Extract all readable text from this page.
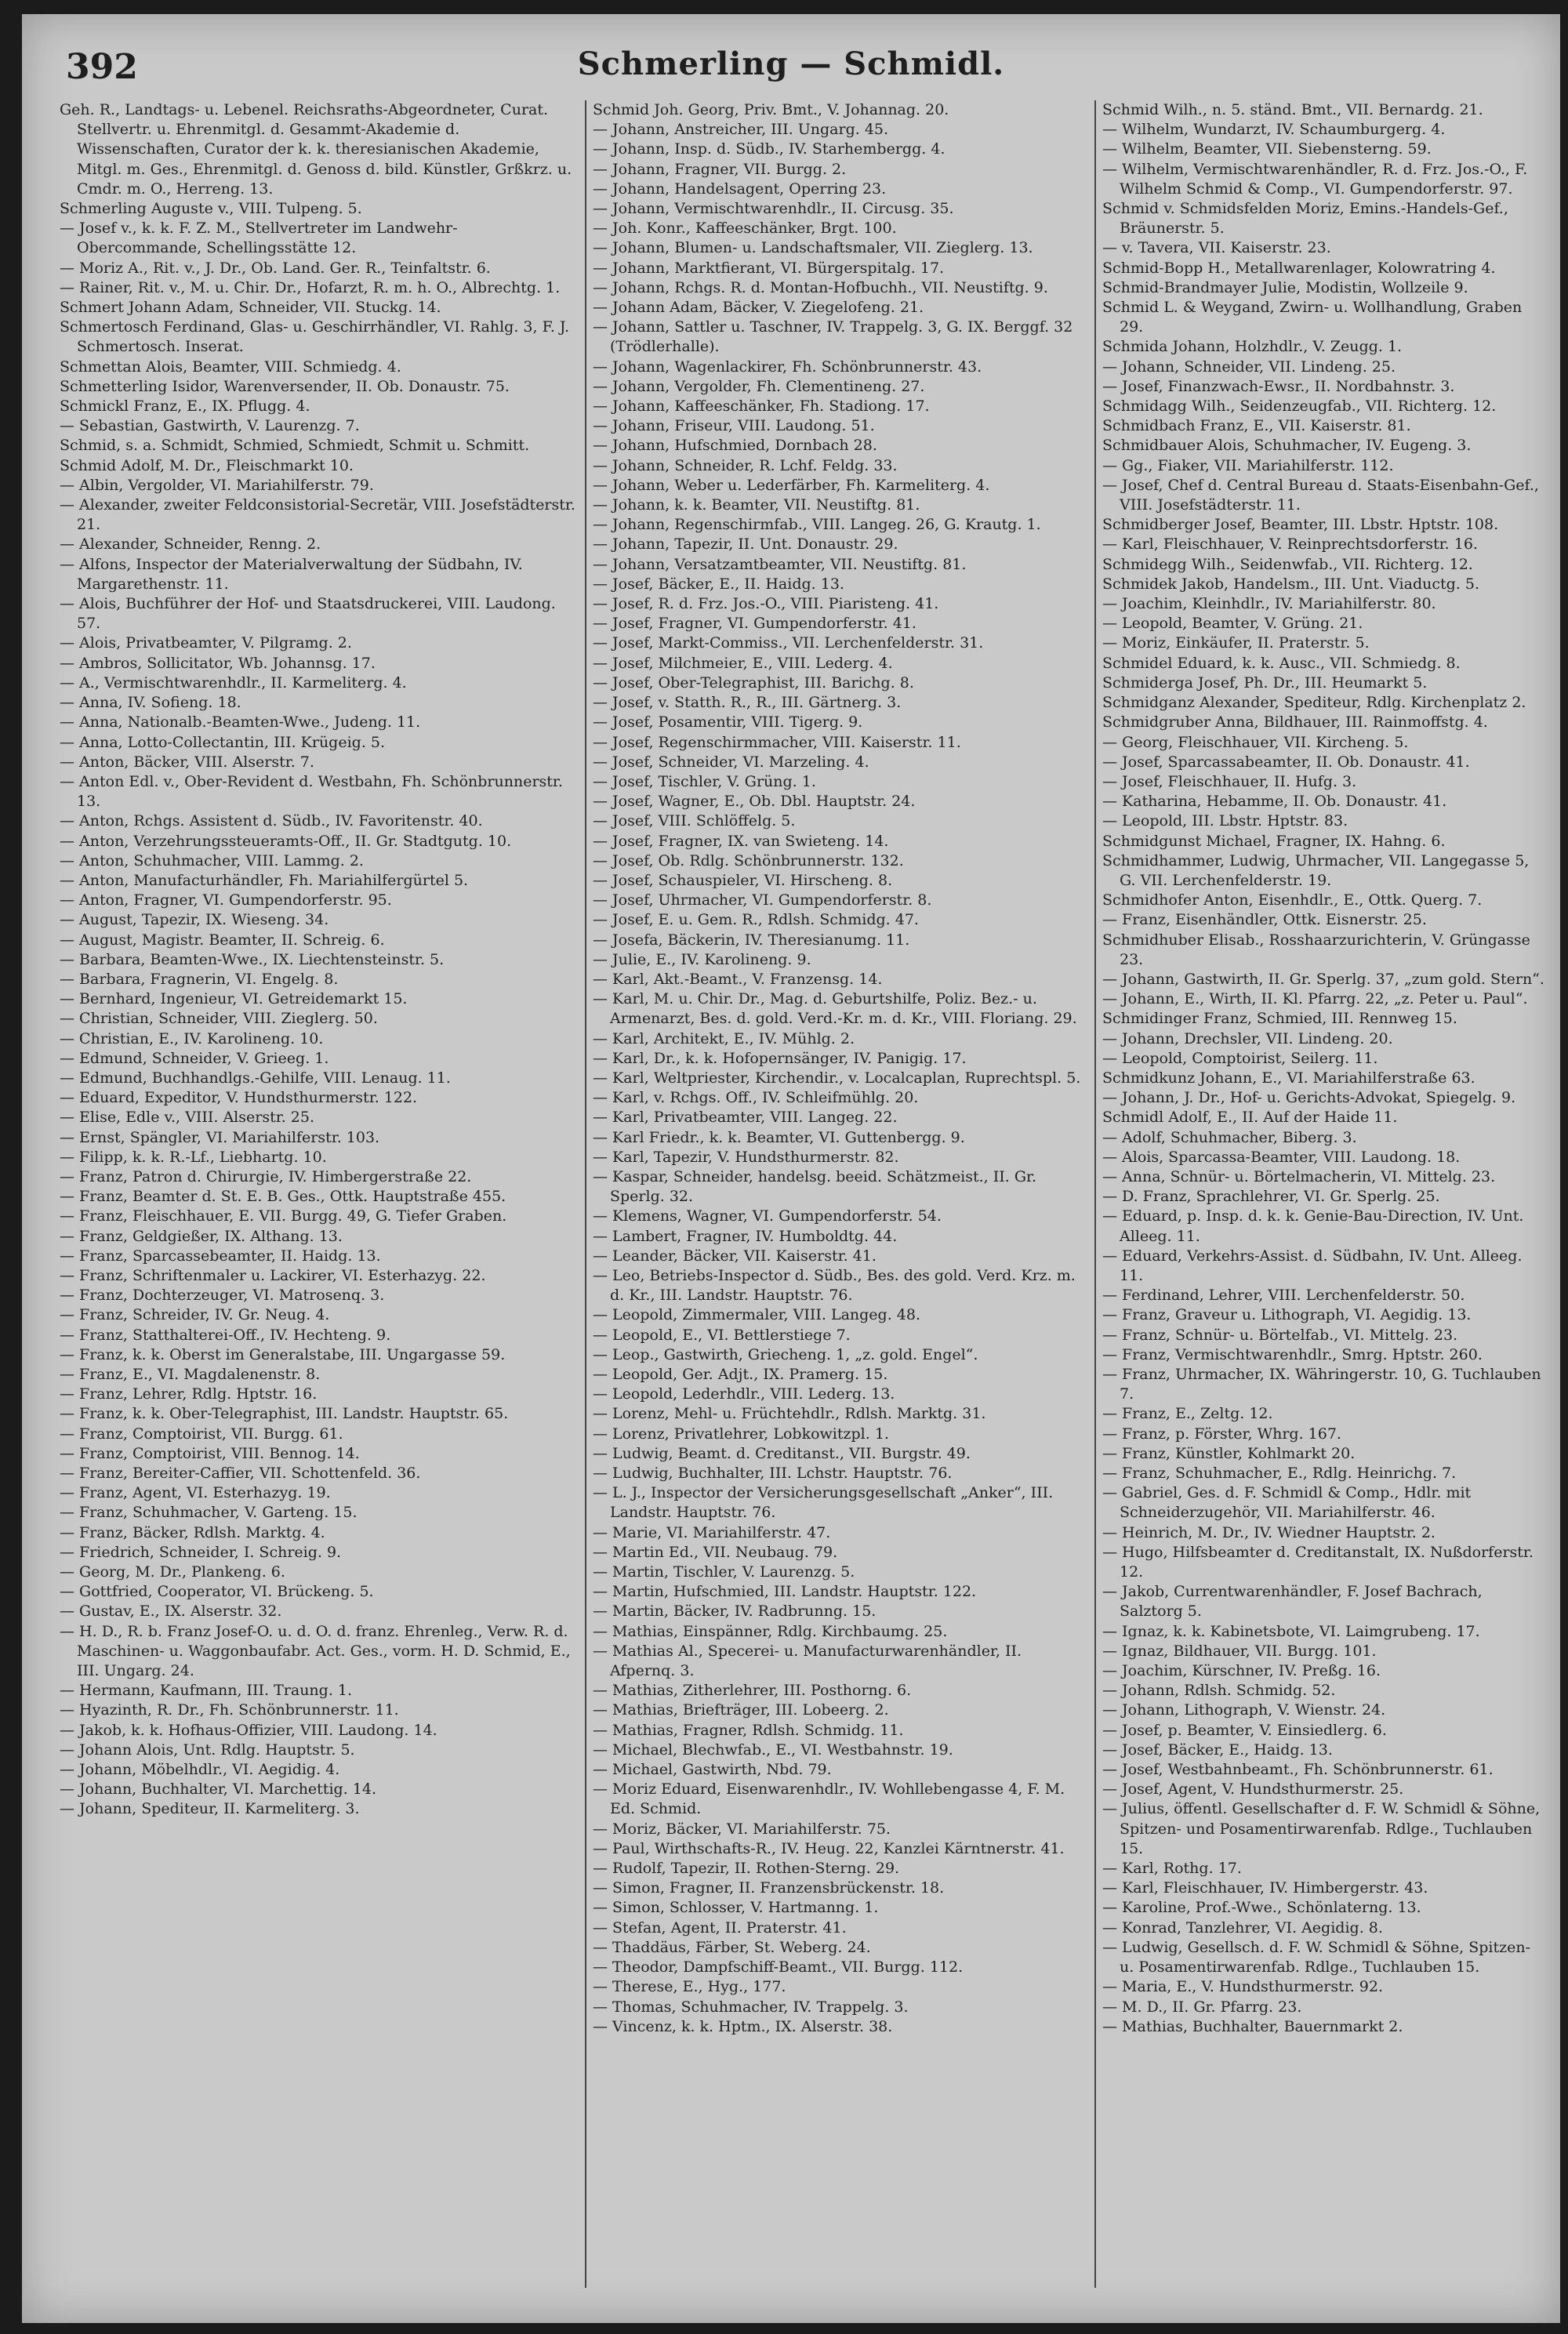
392	Schmerling — Schmidl.
Geh. R., Landtags- u. Lebenel. Reichsraths-Abgeordneter, Curat. Stellvertr. u. Ehrenmitgl. d. Gesammt-Akademie d. Wissenschaften, Curator der k. k. theresianischen Akademie, Mitgl. m. Ges., Ehrenmitgl. d. Genoss d. bild. Künstler, Grßkrz. u. Cmdr. m. O., Herreng. 13.
Schmerling Auguste v., VIII. Tulpeng. 5.
— Josef v., k. k. F. Z. M., Stellvertreter im Landwehr-Obercommande, Schellingsstätte 12.
— Moriz A., Rit. v., J. Dr., Ob. Land. Ger. R., Teinfaltstr. 6.
— Rainer, Rit. v., M. u. Chir. Dr., Hofarzt, R. m. h. O., Albrechtg. 1.
Schmert Johann Adam, Schneider, VII. Stuckg. 14.
Schmertosch Ferdinand, Glas- u. Geschirrhändler, VI. Rahlg. 3, F. J. Schmertosch. Inserat.
Schmettan Alois, Beamter, VIII. Schmiedg. 4.
Schmetterling Isidor, Warenversender, II. Ob. Donaustr. 75.
Schmickl Franz, E., IX. Pflugg. 4.
— Sebastian, Gastwirth, V. Laurenzg. 7.
Schmid, s. a. Schmidt, Schmied, Schmiedt, Schmit u. Schmitt.
Schmid Adolf, M. Dr., Fleischmarkt 10.
— Albin, Vergolder, VI. Mariahilferstr. 79.
— Alexander, zweiter Feldconsistorial-Secretär, VIII. Josefstädterstr. 21.
— Alexander, Schneider, Renng. 2.
— Alfons, Inspector der Materialverwaltung der Südbahn, IV. Margarethenstr. 11.
— Alois, Buchführer der Hof- und Staatsdruckerei, VIII. Laudong. 57.
— Alois, Privatbeamter, V. Pilgramg. 2.
— Ambros, Sollicitator, Wb. Johannsg. 17.
— A., Vermischtwarenhdlr., II. Karmeliterg. 4.
— Anna, IV. Sofieng. 18.
— Anna, Nationalb.-Beamten-Wwe., Judeng. 11.
— Anna, Lotto-Collectantin, III. Krügeig. 5.
— Anton, Bäcker, VIII. Alserstr. 7.
— Anton Edl. v., Ober-Revident d. Westbahn, Fh. Schönbrunnerstr. 13.
— Anton, Rchgs. Assistent d. Südb., IV. Favoritenstr. 40.
— Anton, Verzehrungssteueramts-Off., II. Gr. Stadtgutg. 10.
— Anton, Schuhmacher, VIII. Lammg. 2.
— Anton, Manufacturhändler, Fh. Mariahilfergürtel 5.
— Anton, Fragner, VI. Gumpendorferstr. 95.
— August, Tapezir, IX. Wieseng. 34.
— August, Magistr. Beamter, II. Schreig. 6.
— Barbara, Beamten-Wwe., IX. Liechtensteinstr. 5.
— Barbara, Fragnerin, VI. Engelg. 8.
— Bernhard, Ingenieur, VI. Getreidemarkt 15.
— Christian, Schneider, VIII. Zieglerg. 50.
— Christian, E., IV. Karolineng. 10.
— Edmund, Schneider, V. Grieeg. 1.
— Edmund, Buchhandlgs.-Gehilfe, VIII. Lenaug. 11.
— Eduard, Expeditor, V. Hundsthurmerstr. 122.
— Elise, Edle v., VIII. Alserstr. 25.
— Ernst, Spängler, VI. Mariahilferstr. 103.
— Filipp, k. k. R.-Lf., Liebhartg. 10.
— Franz, Patron d. Chirurgie, IV. Himbergerstraße 22.
— Franz, Beamter d. St. E. B. Ges., Ottk. Hauptstraße 455.
— Franz, Fleischhauer, E. VII. Burgg. 49, G. Tiefer Graben.
— Franz, Geldgießer, IX. Althang. 13.
— Franz, Sparcassebeamter, II. Haidg. 13.
— Franz, Schriftenmaler u. Lackirer, VI. Esterhazyg. 22.
— Franz, Dochterzeuger, VI. Matrosenq. 3.
— Franz, Schreider, IV. Gr. Neug. 4.
— Franz, Statthalterei-Off., IV. Hechteng. 9.
— Franz, k. k. Oberst im Generalstabe, III. Ungargasse 59.
— Franz, E., VI. Magdalenenstr. 8.
— Franz, Lehrer, Rdlg. Hptstr. 16.
— Franz, k. k. Ober-Telegraphist, III. Landstr. Hauptstr. 65.
— Franz, Comptoirist, VII. Burgg. 61.
— Franz, Comptoirist, VIII. Bennog. 14.
— Franz, Bereiter-Caffier, VII. Schottenfeld. 36.
— Franz, Agent, VI. Esterhazyg. 19.
— Franz, Schuhmacher, V. Garteng. 15.
— Franz, Bäcker, Rdlsh. Marktg. 4.
— Friedrich, Schneider, I. Schreig. 9.
— Georg, M. Dr., Plankeng. 6.
— Gottfried, Cooperator, VI. Brückeng. 5.
— Gustav, E., IX. Alserstr. 32.
— H. D., R. b. Franz Josef-O. u. d. O. d. franz. Ehrenleg., Verw. R. d. Maschinen- u. Waggonbaufabr. Act. Ges., vorm. H. D. Schmid, E., III. Ungarg. 24.
— Hermann, Kaufmann, III. Traung. 1.
— Hyazinth, R. Dr., Fh. Schönbrunnerstr. 11.
— Jakob, k. k. Hofhaus-Offizier, VIII. Laudong. 14.
— Johann Alois, Unt. Rdlg. Hauptstr. 5.
— Johann, Möbelhdlr., VI. Aegidig. 4.
— Johann, Buchhalter, VI. Marchettig. 14.
— Johann, Spediteur, II. Karmeliterg. 3.
Schmid Joh. Georg, Priv. Bmt., V. Johannag. 20.
— Johann, Anstreicher, III. Ungarg. 45.
— Johann, Insp. d. Südb., IV. Starhembergg. 4.
— Johann, Fragner, VII. Burgg. 2.
— Johann, Handelsagent, Operring 23.
— Johann, Vermischtwarenhdlr., II. Circusg. 35.
— Joh. Konr., Kaffeeschänker, Brgt. 100.
— Johann, Blumen- u. Landschaftsmaler, VII. Zieglerg. 13.
— Johann, Marktfierant, VI. Bürgerspitalg. 17.
— Johann, Rchgs. R. d. Montan-Hofbuchh., VII. Neustiftg. 9.
— Johann Adam, Bäcker, V. Ziegelofeng. 21.
— Johann, Sattler u. Taschner, IV. Trappelg. 3, G. IX. Berggf. 32 (Trödlerhalle).
— Johann, Wagenlackirer, Fh. Schönbrunnerstr. 43.
— Johann, Vergolder, Fh. Clementineng. 27.
— Johann, Kaffeeschänker, Fh. Stadiong. 17.
— Johann, Friseur, VIII. Laudong. 51.
— Johann, Hufschmied, Dornbach 28.
— Johann, Schneider, R. Lchf. Feldg. 33.
— Johann, Weber u. Lederfärber, Fh. Karmeliterg. 4.
— Johann, k. k. Beamter, VII. Neustiftg. 81.
— Johann, Regenschirmfab., VIII. Langeg. 26, G. Krautg. 1.
— Johann, Tapezir, II. Unt. Donaustr. 29.
— Johann, Versatzamtbeamter, VII. Neustiftg. 81.
— Josef, Bäcker, E., II. Haidg. 13.
— Josef, R. d. Frz. Jos.-O., VIII. Piaristeng. 41.
— Josef, Fragner, VI. Gumpendorferstr. 41.
— Josef, Markt-Commiss., VII. Lerchenfelderstr. 31.
— Josef, Milchmeier, E., VIII. Lederg. 4.
— Josef, Ober-Telegraphist, III. Barichg. 8.
— Josef, v. Statth. R., R., III. Gärtnerg. 3.
— Josef, Posamentir, VIII. Tigerg. 9.
— Josef, Regenschirmmacher, VIII. Kaiserstr. 11.
— Josef, Schneider, VI. Marzeling. 4.
— Josef, Tischler, V. Grüng. 1.
— Josef, Wagner, E., Ob. Dbl. Hauptstr. 24.
— Josef, VIII. Schlöffelg. 5.
— Josef, Fragner, IX. van Swieteng. 14.
— Josef, Ob. Rdlg. Schönbrunnerstr. 132.
— Josef, Schauspieler, VI. Hirscheng. 8.
— Josef, Uhrmacher, VI. Gumpendorferstr. 8.
— Josef, E. u. Gem. R., Rdlsh. Schmidg. 47.
— Josefa, Bäckerin, IV. Theresianumg. 11.
— Julie, E., IV. Karolineng. 9.
— Karl, Akt.-Beamt., V. Franzensg. 14.
— Karl, M. u. Chir. Dr., Mag. d. Geburtshilfe, Poliz. Bez.- u. Armenarzt, Bes. d. gold. Verd.-Kr. m. d. Kr., VIII. Floriang. 29.
— Karl, Architekt, E., IV. Mühlg. 2.
— Karl, Dr., k. k. Hofopernsänger, IV. Panigig. 17.
— Karl, Weltpriester, Kirchendir., v. Localcaplan, Ruprechtspl. 5.
— Karl, v. Rchgs. Off., IV. Schleifmühlg. 20.
— Karl, Privatbeamter, VIII. Langeg. 22.
— Karl Friedr., k. k. Beamter, VI. Guttenbergg. 9.
— Karl, Tapezir, V. Hundsthurmerstr. 82.
— Kaspar, Schneider, handelsg. beeid. Schätzmeist., II. Gr. Sperlg. 32.
— Klemens, Wagner, VI. Gumpendorferstr. 54.
— Lambert, Fragner, IV. Humboldtg. 44.
— Leander, Bäcker, VII. Kaiserstr. 41.
— Leo, Betriebs-Inspector d. Südb., Bes. des gold. Verd. Krz. m. d. Kr., III. Landstr. Hauptstr. 76.
— Leopold, Zimmermaler, VIII. Langeg. 48.
— Leopold, E., VI. Bettlerstiege 7.
— Leop., Gastwirth, Griecheng. 1, „z. gold. Engel“.
— Leopold, Ger. Adjt., IX. Pramerg. 15.
— Leopold, Lederhdlr., VIII. Lederg. 13.
— Lorenz, Mehl- u. Früchtehdlr., Rdlsh. Marktg. 31.
— Lorenz, Privatlehrer, Lobkowitzpl. 1.
— Ludwig, Beamt. d. Creditanst., VII. Burgstr. 49.
— Ludwig, Buchhalter, III. Lchstr. Hauptstr. 76.
— L. J., Inspector der Versicherungsgesellschaft „Anker“, III. Landstr. Hauptstr. 76.
— Marie, VI. Mariahilferstr. 47.
— Martin Ed., VII. Neubaug. 79.
— Martin, Tischler, V. Laurenzg. 5.
— Martin, Hufschmied, III. Landstr. Hauptstr. 122.
— Martin, Bäcker, IV. Radbrunng. 15.
— Mathias, Einspänner, Rdlg. Kirchbaumg. 25.
— Mathias Al., Specerei- u. Manufacturwarenhändler, II. Afpernq. 3.
— Mathias, Zitherlehrer, III. Posthorng. 6.
— Mathias, Briefträger, III. Lobeerg. 2.
— Mathias, Fragner, Rdlsh. Schmidg. 11.
— Michael, Blechwfab., E., VI. Westbahnstr. 19.
— Michael, Gastwirth, Nbd. 79.
— Moriz Eduard, Eisenwarenhdlr., IV. Wohllebengasse 4, F. M. Ed. Schmid.
— Moriz, Bäcker, VI. Mariahilferstr. 75.
— Paul, Wirthschafts-R., IV. Heug. 22, Kanzlei Kärntnerstr. 41.
— Rudolf, Tapezir, II. Rothen-Sterng. 29.
— Simon, Fragner, II. Franzensbrückenstr. 18.
— Simon, Schlosser, V. Hartmanng. 1.
— Stefan, Agent, II. Praterstr. 41.
— Thaddäus, Färber, St. Weberg. 24.
— Theodor, Dampfschiff-Beamt., VII. Burgg. 112.
— Therese, E., Hyg., 177.
— Thomas, Schuhmacher, IV. Trappelg. 3.
— Vincenz, k. k. Hptm., IX. Alserstr. 38.
Schmid Wilh., n. 5. ständ. Bmt., VII. Bernardg. 21.
— Wilhelm, Wundarzt, IV. Schaumburgerg. 4.
— Wilhelm, Beamter, VII. Siebensterng. 59.
— Wilhelm, Vermischtwarenhändler, R. d. Frz. Jos.-O., F. Wilhelm Schmid & Comp., VI. Gumpendorferstr. 97.
Schmid v. Schmidsfelden Moriz, Emins.-Handels-Gef., Bräunerstr. 5.
— v. Tavera, VII. Kaiserstr. 23.
Schmid-Bopp H., Metallwarenlager, Kolowratring 4.
Schmid-Brandmayer Julie, Modistin, Wollzeile 9.
Schmid L. & Weygand, Zwirn- u. Wollhandlung, Graben 29.
Schmida Johann, Holzhdlr., V. Zeugg. 1.
— Johann, Schneider, VII. Lindeng. 25.
— Josef, Finanzwach-Ewsr., II. Nordbahnstr. 3.
Schmidagg Wilh., Seidenzeugfab., VII. Richterg. 12.
Schmidbach Franz, E., VII. Kaiserstr. 81.
Schmidbauer Alois, Schuhmacher, IV. Eugeng. 3.
— Gg., Fiaker, VII. Mariahilferstr. 112.
— Josef, Chef d. Central Bureau d. Staats-Eisenbahn-Gef., VIII. Josefstädterstr. 11.
Schmidberger Josef, Beamter, III. Lbstr. Hptstr. 108.
— Karl, Fleischhauer, V. Reinprechtsdorferstr. 16.
Schmidegg Wilh., Seidenwfab., VII. Richterg. 12.
Schmidek Jakob, Handelsm., III. Unt. Viaductg. 5.
— Joachim, Kleinhdlr., IV. Mariahilferstr. 80.
— Leopold, Beamter, V. Grüng. 21.
— Moriz, Einkäufer, II. Praterstr. 5.
Schmidel Eduard, k. k. Ausc., VII. Schmiedg. 8.
Schmiderga Josef, Ph. Dr., III. Heumarkt 5.
Schmidganz Alexander, Spediteur, Rdlg. Kirchenplatz 2.
Schmidgruber Anna, Bildhauer, III. Rainmoffstg. 4.
— Georg, Fleischhauer, VII. Kircheng. 5.
— Josef, Sparcassabeamter, II. Ob. Donaustr. 41.
— Josef, Fleischhauer, II. Hufg. 3.
— Katharina, Hebamme, II. Ob. Donaustr. 41.
— Leopold, III. Lbstr. Hptstr. 83.
Schmidgunst Michael, Fragner, IX. Hahng. 6.
Schmidhammer, Ludwig, Uhrmacher, VII. Langegasse 5, G. VII. Lerchenfelderstr. 19.
Schmidhofer Anton, Eisenhdlr., E., Ottk. Querg. 7.
— Franz, Eisenhändler, Ottk. Eisnerstr. 25.
Schmidhuber Elisab., Rosshaarzurichterin, V. Grüngasse 23.
— Johann, Gastwirth, II. Gr. Sperlg. 37, „zum gold. Stern“.
— Johann, E., Wirth, II. Kl. Pfarrg. 22, „z. Peter u. Paul“.
Schmidinger Franz, Schmied, III. Rennweg 15.
— Johann, Drechsler, VII. Lindeng. 20.
— Leopold, Comptoirist, Seilerg. 11.
Schmidkunz Johann, E., VI. Mariahilferstraße 63.
— Johann, J. Dr., Hof- u. Gerichts-Advokat, Spiegelg. 9.
Schmidl Adolf, E., II. Auf der Haide 11.
— Adolf, Schuhmacher, Biberg. 3.
— Alois, Sparcassa-Beamter, VIII. Laudong. 18.
— Anna, Schnür- u. Börtelmacherin, VI. Mittelg. 23.
— D. Franz, Sprachlehrer, VI. Gr. Sperlg. 25.
— Eduard, p. Insp. d. k. k. Genie-Bau-Direction, IV. Unt. Alleeg. 11.
— Eduard, Verkehrs-Assist. d. Südbahn, IV. Unt. Alleeg. 11.
— Ferdinand, Lehrer, VIII. Lerchenfelderstr. 50.
— Franz, Graveur u. Lithograph, VI. Aegidig. 13.
— Franz, Schnür- u. Börtelfab., VI. Mittelg. 23.
— Franz, Vermischtwarenhdlr., Smrg. Hptstr. 260.
— Franz, Uhrmacher, IX. Währingerstr. 10, G. Tuchlauben 7.
— Franz, E., Zeltg. 12.
— Franz, p. Förster, Whrg. 167.
— Franz, Künstler, Kohlmarkt 20.
— Franz, Schuhmacher, E., Rdlg. Heinrichg. 7.
— Gabriel, Ges. d. F. Schmidl & Comp., Hdlr. mit Schneiderzugehör, VII. Mariahilferstr. 46.
— Heinrich, M. Dr., IV. Wiedner Hauptstr. 2.
— Hugo, Hilfsbeamter d. Creditanstalt, IX. Nußdorferstr. 12.
— Jakob, Currentwarenhändler, F. Josef Bachrach, Salztorg 5.
— Ignaz, k. k. Kabinetsbote, VI. Laimgrubeng. 17.
— Ignaz, Bildhauer, VII. Burgg. 101.
— Joachim, Kürschner, IV. Preßg. 16.
— Johann, Rdlsh. Schmidg. 52.
— Johann, Lithograph, V. Wienstr. 24.
— Josef, p. Beamter, V. Einsiedlerg. 6.
— Josef, Bäcker, E., Haidg. 13.
— Josef, Westbahnbeamt., Fh. Schönbrunnerstr. 61.
— Josef, Agent, V. Hundsthurmerstr. 25.
— Julius, öffentl. Gesellschafter d. F. W. Schmidl & Söhne, Spitzen- und Posamentirwarenfab. Rdlge., Tuchlauben 15.
— Karl, Rothg. 17.
— Karl, Fleischhauer, IV. Himbergerstr. 43.
— Karoline, Prof.-Wwe., Schönlaterng. 13.
— Konrad, Tanzlehrer, VI. Aegidig. 8.
— Ludwig, Gesellsch. d. F. W. Schmidl & Söhne, Spitzen- u. Posamentirwarenfab. Rdlge., Tuchlauben 15.
— Maria, E., V. Hundsthurmerstr. 92.
— M. D., II. Gr. Pfarrg. 23.
— Mathias, Buchhalter, Bauernmarkt 2.
